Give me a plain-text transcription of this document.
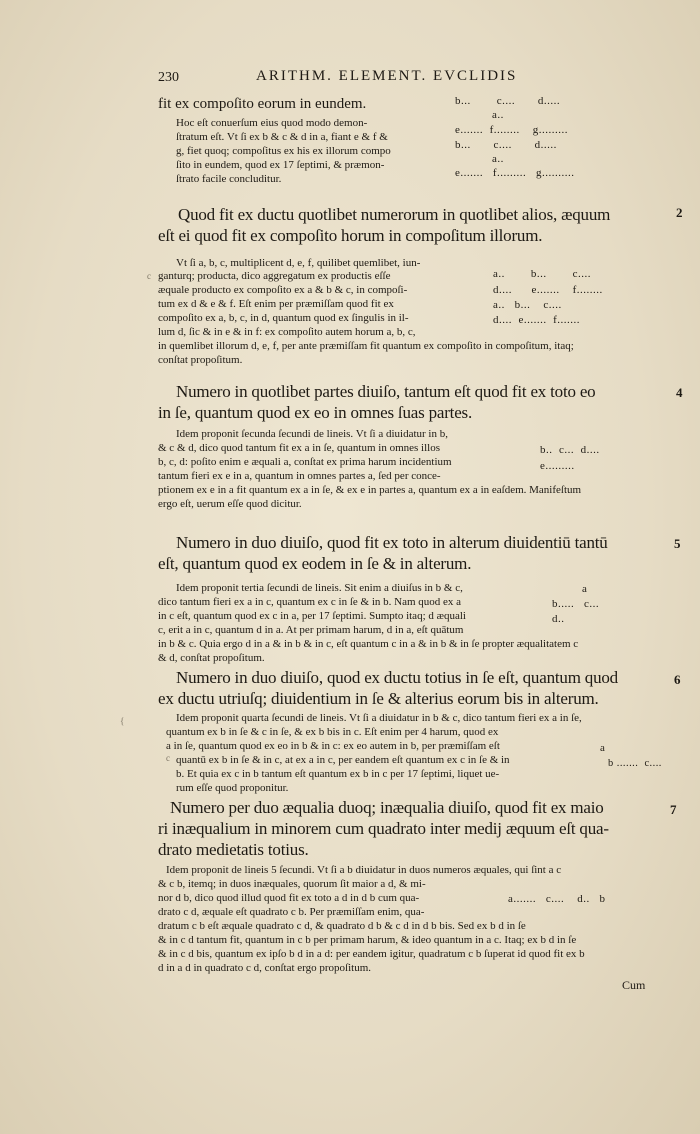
230	ARITHM. ELEMENT. EVCLIDIS
fit ex compoſito eorum in eundem.
Hoc eſt conuerſum eius quod modo demon-
ſtratum eſt. Vt ſi ex b & c & d in a, fiant e & f &
g, fiet quoq; compoſitus ex his ex illorum compo
ſito in eundem, quod ex 17 ſeptimi, & præmon-
ſtrato facile concluditur.
b...        c....       d.....
a..
e.......  f........    g.........
b...       c....       d.....
a..
e.......   f.........   g..........
Quod fit ex ductu quotlibet numerorum in quotlibet alios, æquum
eſt ei quod fit ex compoſito horum in compoſitum illorum.
Vt ſi a, b, c, multiplicent d, e, f, quilibet quemlibet, iun-
ganturq; producta, dico aggregatum ex productis eſſe
æquale producto ex compoſito ex a & b & c, in compoſi-
tum ex d & e & f. Eſt enim per præmiſſam quod fit ex
compoſito ex a, b, c, in d, quantum quod ex ſingulis in il-
lum d, ſic & in e & in f: ex compoſito autem horum a, b, c,
in quemlibet illorum d, e, f, per ante præmiſſam fit quantum ex compoſito in compoſitum, itaq;
conſtat propoſitum.
a..        b...        c....
d....      e.......    f........
a..   b...    c....
d....  e.......  f.......
Numero in quotlibet partes diuiſo, tantum eſt quod fit ex toto eo
in ſe, quantum quod ex eo in omnes ſuas partes.
Idem proponit ſecunda ſecundi de lineis. Vt ſi a diuidatur in b,
& c & d, dico quod tantum fit ex a in ſe, quantum in omnes illos
b, c, d: poſito enim e æquali a, conſtat ex prima harum incidentium
tantum fieri ex e in a, quantum in omnes partes a, ſed per conce-
ptionem ex e in a fit quantum ex a in ſe, & ex e in partes a, quantum ex a in eaſdem. Manifeſtum
ergo eſt, uerum eſſe quod dicitur.
b..  c...  d....
e.........
Numero in duo diuiſo, quod fit ex toto in alterum diuidentiū tantū
eſt, quantum quod ex eodem in ſe & in alterum.
Idem proponit tertia ſecundi de lineis. Sit enim a diuiſus in b & c,
dico tantum fieri ex a in c, quantum ex c in ſe & in b. Nam quod ex a
in c eſt, quantum quod ex c in a, per 17 ſeptimi. Sumpto itaq; d æquali
c, erit a in c, quantum d in a. At per primam harum, d in a, eſt quātum
in b & c. Quia ergo d in a & in b & in c, eſt quantum c in a & in b & in ſe propter æqualitatem c
& d, conſtat propoſitum.
a
b.....   c...
d..
Numero in duo diuiſo, quod ex ductu totius in ſe eſt, quantum quod
ex ductu utriuſq; diuidentium in ſe & alterius eorum bis in alterum.
Idem proponit quarta ſecundi de lineis. Vt ſi a diuidatur in b & c, dico tantum fieri ex a in ſe,
quantum ex b in ſe & c in ſe, & ex b bis in c. Eſt enim per 4 harum, quod ex
a in ſe, quantum quod ex eo in b & in c: ex eo autem in b, per præmiſſam eſt
quantū ex b in ſe & in c, at ex a in c, per eandem eſt quantum ex c in ſe & in
b. Et quia ex c in b tantum eſt quantum ex b in c per 17 ſeptimi, liquet ue-
rum eſſe quod proponitur.
a
b .......  c....
Numero per duo æqualia duoq; inæqualia diuiſo, quod fit ex maio
ri inæqualium in minorem cum quadrato inter medij æquum eſt qua-
drato medietatis totius.
Idem proponit de lineis 5 ſecundi. Vt ſi a b diuidatur in duos numeros æquales, qui ſint a c
& c b, itemq; in duos inæquales, quorum ſit maior a d, & mi-
nor d b, dico quod illud quod fit ex toto a d in d b cum qua-
drato c d, æquale eſt quadrato c b. Per præmiſſam enim, qua-
dratum c b eſt æquale quadrato c d, & quadrato d b & c d in d b bis. Sed ex b d in ſe
& in c d tantum fit, quantum in c b per primam harum, & ideo quantum in a c. Itaq; ex b d in ſe
& in c d bis, quantum ex ipſo b d in a d: per eandem igitur, quadratum c b ſuperat id quod fit ex b
d in a d in quadrato c d, conſtat ergo propoſitum.
a.......   c....    d..   b
2
4
5
6
7
c
c
{
Cum
